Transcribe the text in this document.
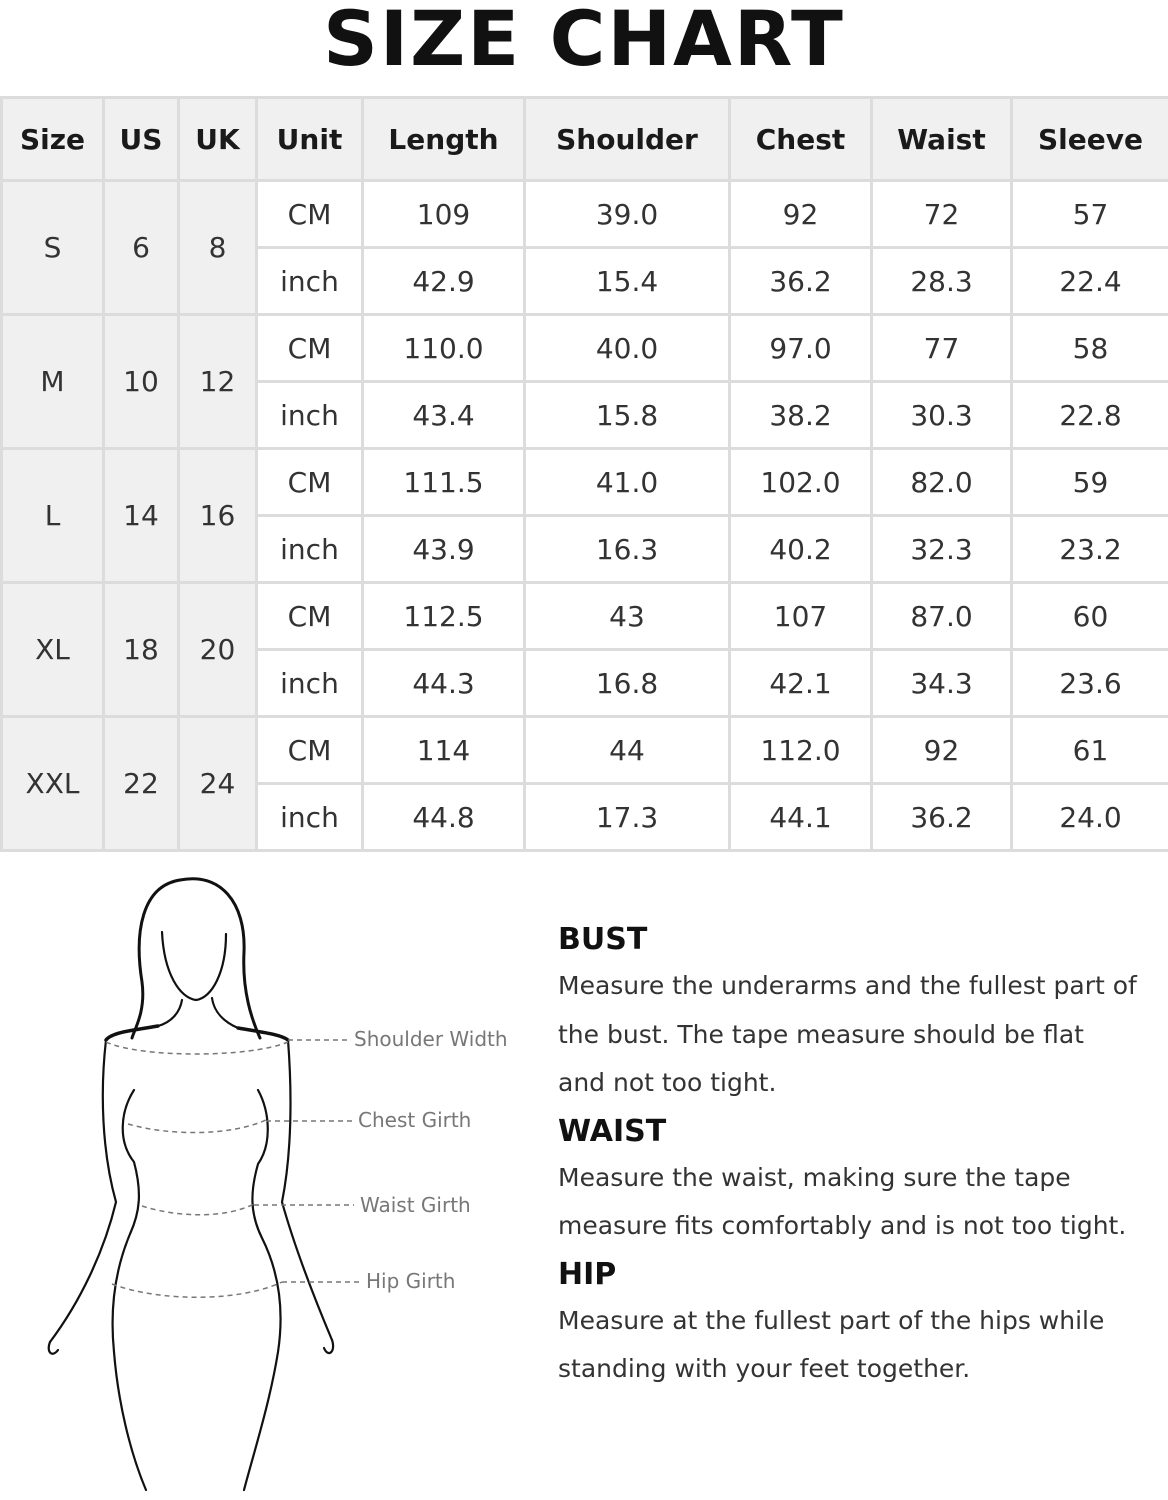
SIZE CHART
Size	US	UK	Unit	Length	Shoulder	Chest	Waist	Sleeve
S	6	8	CM	109	39.0	92	72	57
			inch	42.9	15.4	36.2	28.3	22.4
M	10	12	CM	110.0	40.0	97.0	77	58
			inch	43.4	15.8	38.2	30.3	22.8
L	14	16	CM	111.5	41.0	102.0	82.0	59
			inch	43.9	16.3	40.2	32.3	23.2
XL	18	20	CM	112.5	43	107	87.0	60
			inch	44.3	16.8	42.1	34.3	23.6
XXL	22	24	CM	114	44	112.0	92	61
			inch	44.8	17.3	44.1	36.2	24.0
Shoulder Width
Chest Girth
Waist Girth
Hip Girth
BUST
Measure the underarms and the fullest part of the bust. The tape measure should be flat and not too tight.
WAIST
Measure the waist, making sure the tape measure fits comfortably and is not too tight.
HIP
Measure at the fullest part of the hips while standing with your feet together.
